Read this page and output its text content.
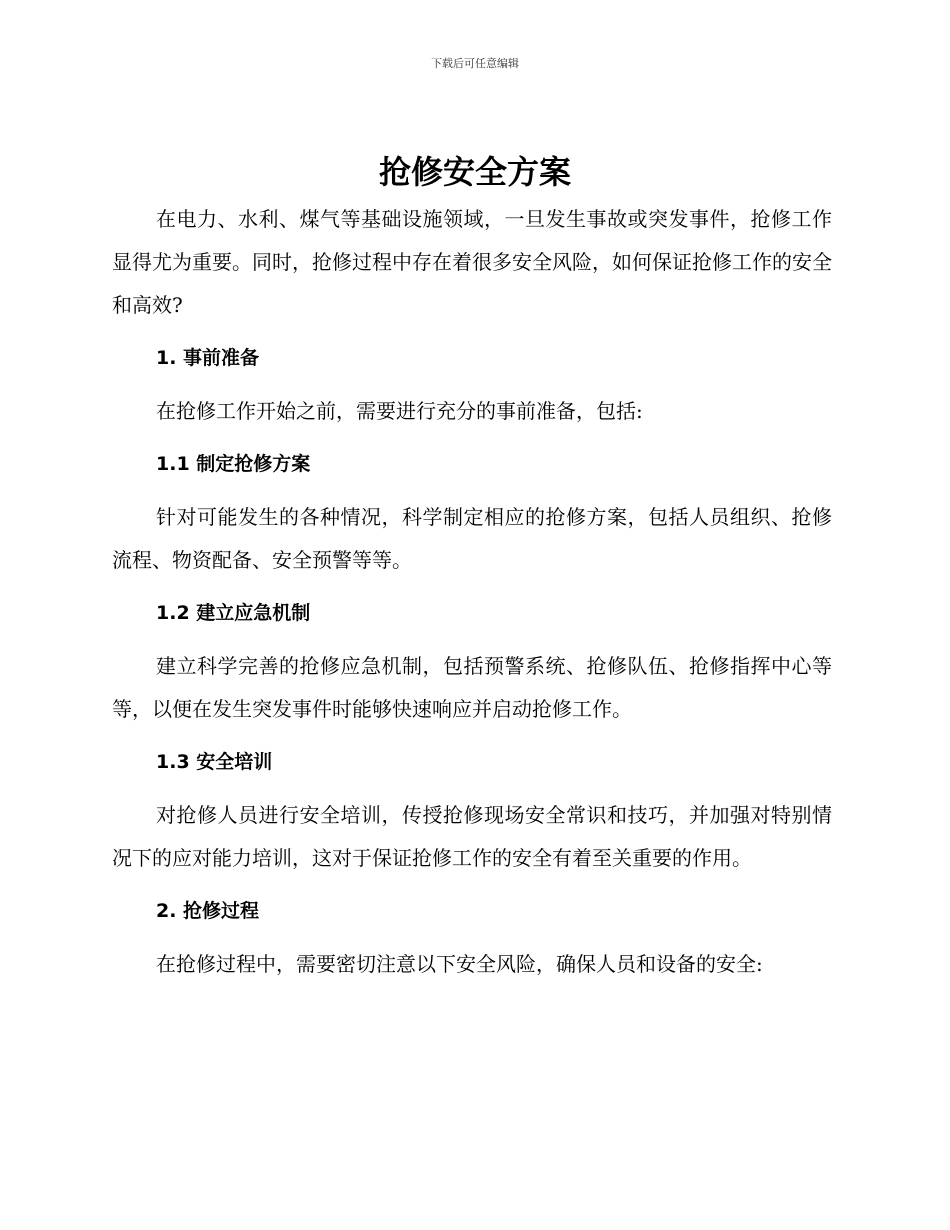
下载后可任意编辑
抢修安全方案

在电力、水利、煤气等基础设施领域，一旦发生事故或突发事件，抢修工作显得尤为重要。同时，抢修过程中存在着很多安全风险，如何保证抢修工作的安全和高效?

1. 事前准备

在抢修工作开始之前，需要进行充分的事前准备，包括:

1.1 制定抢修方案

针对可能发生的各种情况，科学制定相应的抢修方案，包括人员组织、抢修流程、物资配备、安全预警等等。

1.2 建立应急机制

建立科学完善的抢修应急机制，包括预警系统、抢修队伍、抢修指挥中心等等，以便在发生突发事件时能够快速响应并启动抢修工作。

1.3 安全培训

对抢修人员进行安全培训，传授抢修现场安全常识和技巧，并加强对特别情况下的应对能力培训，这对于保证抢修工作的安全有着至关重要的作用。

2. 抢修过程

在抢修过程中，需要密切注意以下安全风险，确保人员和设备的安全:
